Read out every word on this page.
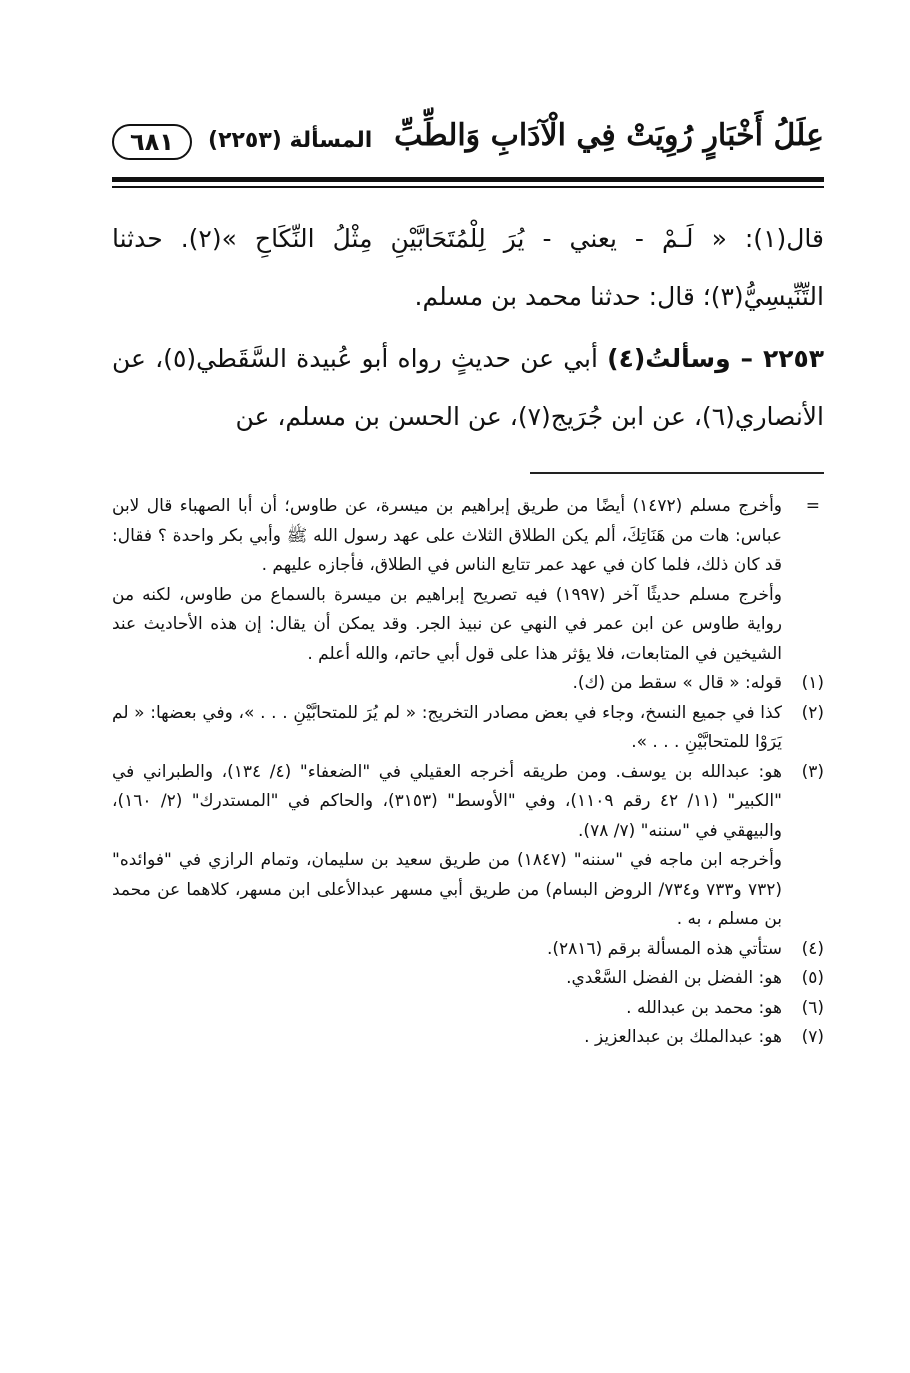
عِلَلُ أَخْبَارٍ رُوِيَتْ فِي الْآدَابِ وَالطِّبِّ
المسألة (٢٢٥٣)
٦٨١

قال(١): « لَـمْ - يعني - يُرَ لِلْمُتَحَابَّيْنِ مِثْلُ النِّكَاحِ »(٢). حدثنا التِّنِّيسِيُّ(٣)؛ قال: حدثنا محمد بن مسلم.

٢٢٥٣ – وسألتُ(٤) أبي عن حديثٍ رواه أبو عُبيدة السَّقَطي(٥)، عن الأنصاري(٦)، عن ابن جُرَيج(٧)، عن الحسن بن مسلم، عن

=

وأخرج مسلم (١٤٧٢) أيضًا من طريق إبراهيم بن ميسرة، عن طاوس؛ أن أبا الصهباء قال لابن عباس: هات من هَنَاتِكَ، ألم يكن الطلاق الثلاث على عهد رسول الله ﷺ وأبي بكر واحدة ؟ فقال: قد كان ذلك، فلما كان في عهد عمر تتايع الناس في الطلاق، فأجازه عليهم .

وأخرج مسلم حديثًا آخر (١٩٩٧) فيه تصريح إبراهيم بن ميسرة بالسماع من طاوس، لكنه من رواية طاوس عن ابن عمر في النهي عن نبيذ الجر. وقد يمكن أن يقال: إن هذه الأحاديث عند الشيخين في المتابعات، فلا يؤثر هذا على قول أبي حاتم، والله أعلم .

(١)

قوله: « قال » سقط من (ك).

(٢)

كذا في جميع النسخ، وجاء في بعض مصادر التخريج: « لم يُرَ للمتحابَّيْنِ . . . »، وفي بعضها: « لم يَرَوْا للمتحابَّيْنِ . . . ».

(٣)

هو: عبدالله بن يوسف. ومن طريقه أخرجه العقيلي في "الضعفاء" (٤/ ١٣٤)، والطبراني في "الكبير" (١١/ ٤٢ رقم ١١٠٩)، وفي "الأوسط" (٣١٥٣)، والحاكم في "المستدرك" (٢/ ١٦٠)، والبيهقي في "سننه" (٧/ ٧٨).

وأخرجه ابن ماجه في "سننه" (١٨٤٧) من طريق سعيد بن سليمان، وتمام الرازي في "فوائده" (٧٣٢ و٧٣٣ و٧٣٤/ الروض البسام) من طريق أبي مسهر عبدالأعلى ابن مسهر، كلاهما عن محمد بن مسلم ، به .

(٤)

ستأتي هذه المسألة برقم (٢٨١٦).

(٥)

هو: الفضل بن الفضل السَّعْدي.

(٦)

هو: محمد بن عبدالله .

(٧)

هو: عبدالملك بن عبدالعزيز .
